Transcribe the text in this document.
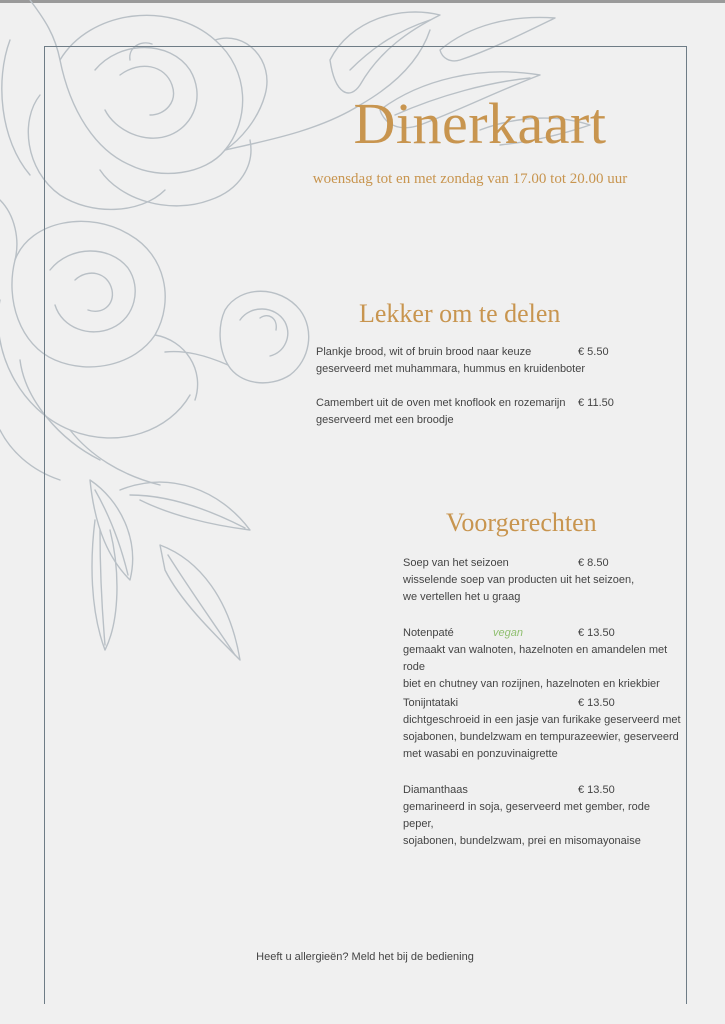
Dinerkaart
woensdag tot en met zondag van 17.00 tot 20.00 uur
Lekker om te delen
Plankje brood, wit of bruin brood naar keuze	€ 5.50
geserveerd met muhammara, hummus en kruidenboter
Camembert uit de oven met knoflook en rozemarijn € 11.50
geserveerd met een broodje
Voorgerechten
Soep van het seizoen	€ 8.50
wisselende soep van producten uit het seizoen,
we vertellen het u graag
Notenpaté	vegan	€ 13.50
gemaakt van walnoten, hazelnoten en amandelen met rode
biet en chutney van rozijnen, hazelnoten en kriekbier
Tonijntataki	€ 13.50
dichtgeschroeid in een jasje van furikake geserveerd met
sojabonen, bundelzwam en tempurazeewier, geserveerd
met wasabi en ponzuvinaigrette
Diamanthaas	€ 13.50
gemarineerd in soja, geserveerd met gember, rode peper,
sojabonen, bundelzwam, prei en misomayonaise
Heeft u allergieën? Meld het bij de bediening
